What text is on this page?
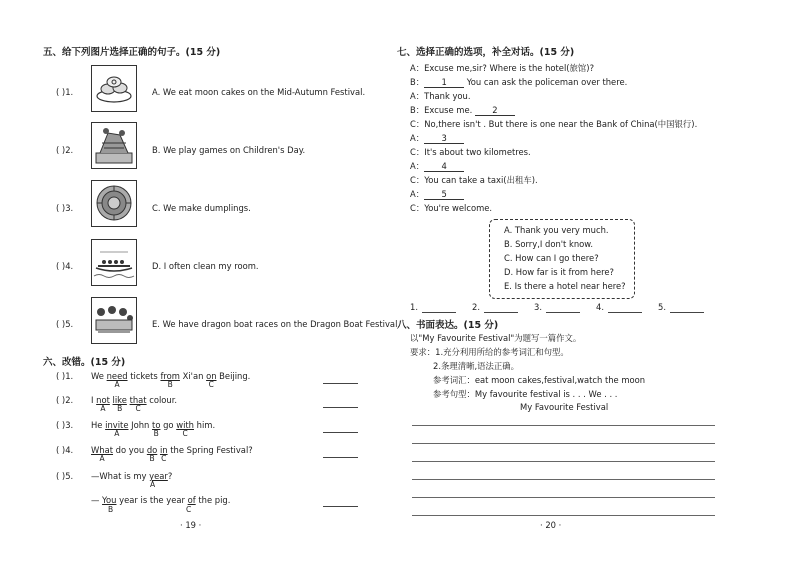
五、给下列图片选择正确的句子。(15 分)
( )1.	A. We eat moon cakes on the Mid-Autumn Festival.
( )2.	B. We play games on Children's Day.
( )3.	C. We make dumplings.
( )4.	D. I often clean my room.
( )5.	E. We have dragon boat races on the Dragon Boat Festival.
六、改错。(15 分)
( )1. We need tickets from Xi'an on Beijing.
A	B	C
( )2. I not like that colour.
A B C
( )3. He invite John to go with him.
A	B	C
( )4. What do you do in the Spring Festival?
A	B C
( )5. —What is my year?
A
— You year is the year of the pig.
B	C
· 19 ·
七、选择正确的选项，补全对话。(15 分)
A：Excuse me,sir? Where is the hotel(旅馆)?
B： 1 You can ask the policeman over there.
A：Thank you.
B：Excuse me. 2
C：No,there isn't . But there is one near the Bank of China(中国银行).
A： 3
C：It's about two kilometres.
A： 4
C：You can take a taxi(出租车).
A： 5
C：You're welcome.
A. Thank you very much.
B. Sorry,I don't know.
C. How can I go there?
D. How far is it from here?
E. Is there a hotel near here?
1.	2.	3.	4.	5.
八、书面表达。(15 分)
以"My Favourite Festival"为题写一篇作文。
要求：1.充分利用所给的参考词汇和句型。
2.条理清晰,语法正确。
参考词汇：eat moon cakes,festival,watch the moon
参考句型：My favourite festival is . . . We . . .
My Favourite Festival
· 20 ·
